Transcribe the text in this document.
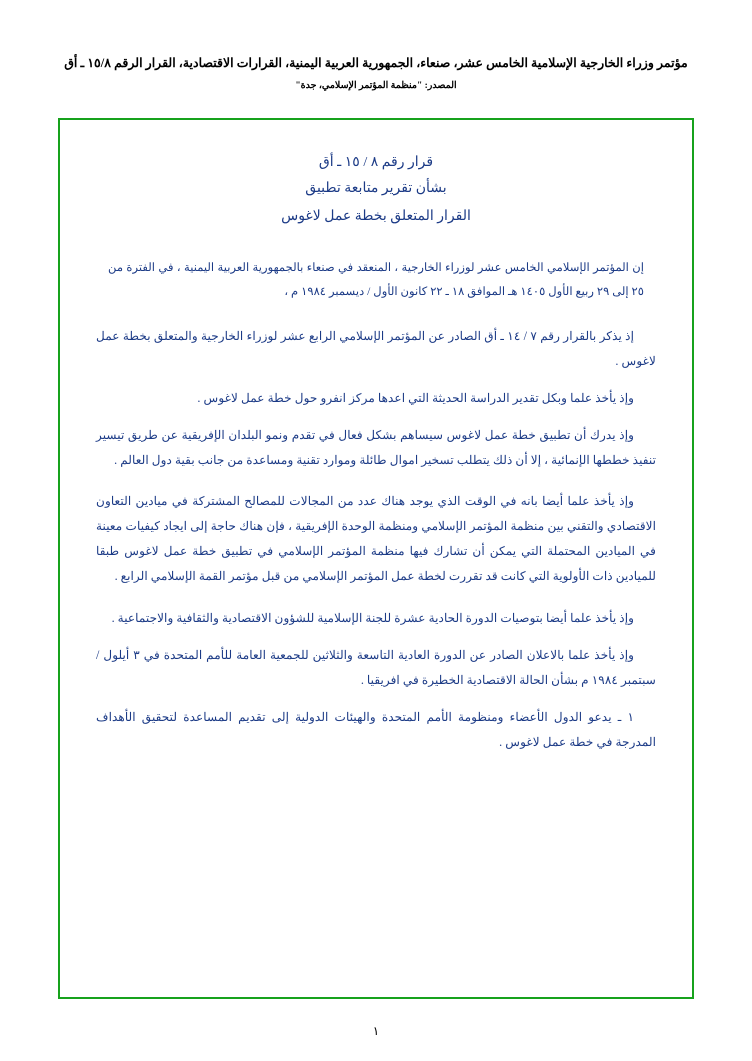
مؤتمر وزراء الخارجية الإسلامية الخامس عشر، صنعاء، الجمهورية العربية اليمنية، القرارات الاقتصادية، القرار الرقم ١٥/٨ ـ أق
المصدر: "منظمة المؤتمر الإسلامي، جدة"
قرار رقم ٨ / ١٥ ـ أق
بشأن تقرير متابعة تطبيق
القرار المتعلق بخطة عمل لاغوس

إن المؤتمر الإسلامي الخامس عشر لوزراء الخارجية ، المنعقد في صنعاء بالجمهورية العربية اليمنية ، في الفترة من ٢٥ إلى ٢٩ ربيع الأول ١٤٠٥ هـ الموافق ١٨ ـ ٢٢ كانون الأول / ديسمبر ١٩٨٤ م ،

إذ يذكر بالقرار رقم ٧ / ١٤ ـ أق الصادر عن المؤتمر الإسلامي الرابع عشر لوزراء الخارجية والمتعلق بخطة عمل لاغوس .

وإذ يأخذ علما وبكل تقدير الدراسة الحديثة التي اعدها مركز انفرو حول خطة عمل لاغوس .

وإذ يدرك أن تطبيق خطة عمل لاغوس سيساهم بشكل فعال في تقدم ونمو البلدان الإفريقية عن طريق تيسير تنفيذ خططها الإنمائية ، إلا أن ذلك يتطلب تسخير اموال طائلة وموارد تقنية ومساعدة من جانب بقية دول العالم .

وإذ يأخذ علما أيضا بانه في الوقت الذي يوجد هناك عدد من المجالات للمصالح المشتركة في ميادين التعاون الاقتصادي والتقني بين منظمة المؤتمر الإسلامي ومنظمة الوحدة الإفريقية ، فإن هناك حاجة إلى ايجاد كيفيات معينة في الميادين المحتملة التي يمكن أن تشارك فيها منظمة المؤتمر الإسلامي في تطبيق خطة عمل لاغوس طبقا للميادين ذات الأولوية التي كانت قد تقررت لخطة عمل المؤتمر الإسلامي من قبل مؤتمر القمة الإسلامي الرابع .

وإذ يأخذ علما أيضا بتوصيات الدورة الحادية عشرة للجنة الإسلامية للشؤون الاقتصادية والثقافية والاجتماعية .

وإذ يأخذ علما بالاعلان الصادر عن الدورة العادية التاسعة والثلاثين للجمعية العامة للأمم المتحدة في ٣ أيلول / سبتمبر ١٩٨٤ م بشأن الحالة الاقتصادية الخطيرة في افريقيا .

١ ـ يدعو الدول الأعضاء ومنظومة الأمم المتحدة والهيئات الدولية إلى تقديم المساعدة لتحقيق الأهداف المدرجة في خطة عمل لاغوس .

١
